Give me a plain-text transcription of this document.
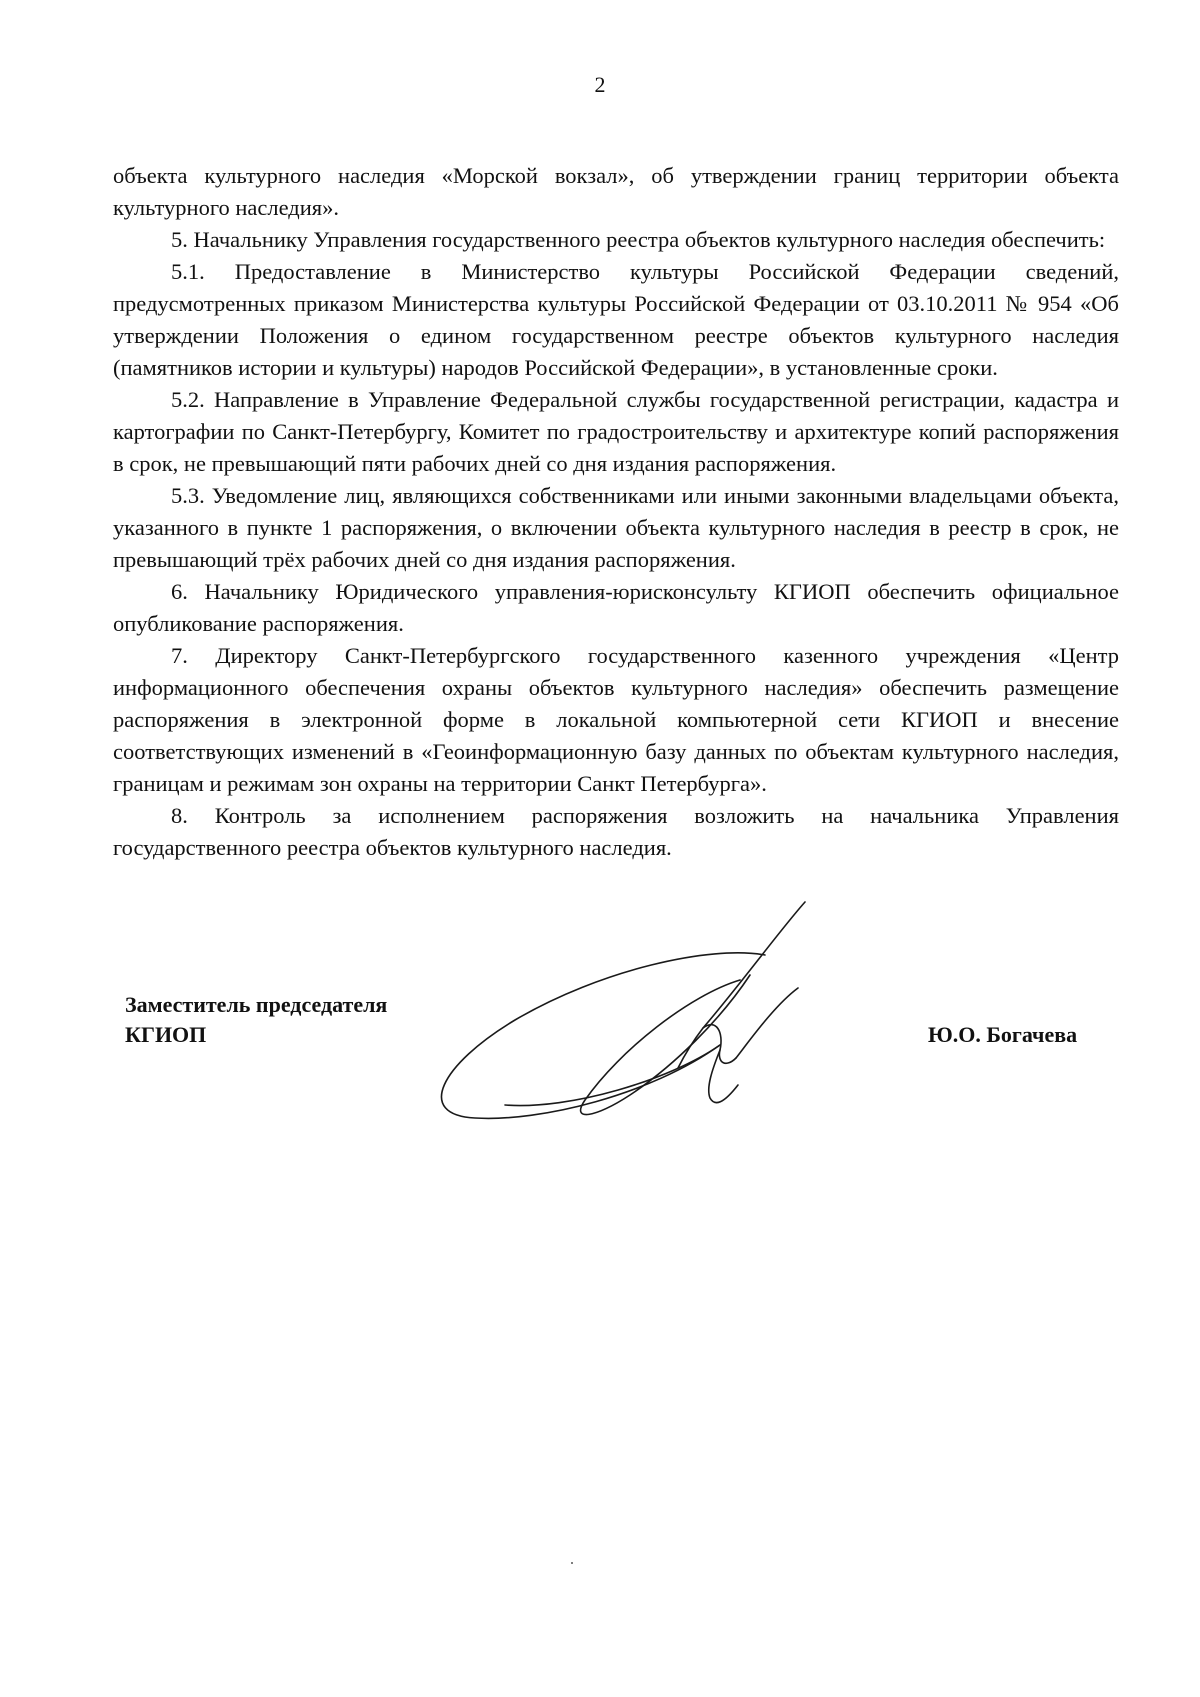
2

объекта культурного наследия «Морской вокзал», об утверждении границ территории объекта культурного наследия».

5. Начальнику Управления государственного реестра объектов культурного наследия обеспечить:

5.1. Предоставление в Министерство культуры Российской Федерации сведений, предусмотренных приказом Министерства культуры Российской Федерации от 03.10.2011 № 954 «Об утверждении Положения о едином государственном реестре объектов культурного наследия (памятников истории и культуры) народов Российской Федерации», в установленные сроки.

5.2. Направление в Управление Федеральной службы государственной регистрации, кадастра и картографии по Санкт-Петербургу, Комитет по градостроительству и архитектуре копий распоряжения в срок, не превышающий пяти рабочих дней со дня издания распоряжения.

5.3. Уведомление лиц, являющихся собственниками или иными законными владельцами объекта, указанного в пункте 1 распоряжения, о включении объекта культурного наследия в реестр в срок, не превышающий трёх рабочих дней со дня издания распоряжения.

6. Начальнику Юридического управления-юрисконсульту КГИОП обеспечить официальное опубликование распоряжения.

7. Директору Санкт-Петербургского государственного казенного учреждения «Центр информационного обеспечения охраны объектов культурного наследия» обеспечить размещение распоряжения в электронной форме в локальной компьютерной сети КГИОП и внесение соответствующих изменений в «Геоинформационную базу данных по объектам культурного наследия, границам и режимам зон охраны на территории Санкт Петербурга».

8. Контроль за исполнением распоряжения возложить на начальника Управления государственного реестра объектов культурного наследия.

Заместитель председателя
КГИОП	Ю.О. Богачева
